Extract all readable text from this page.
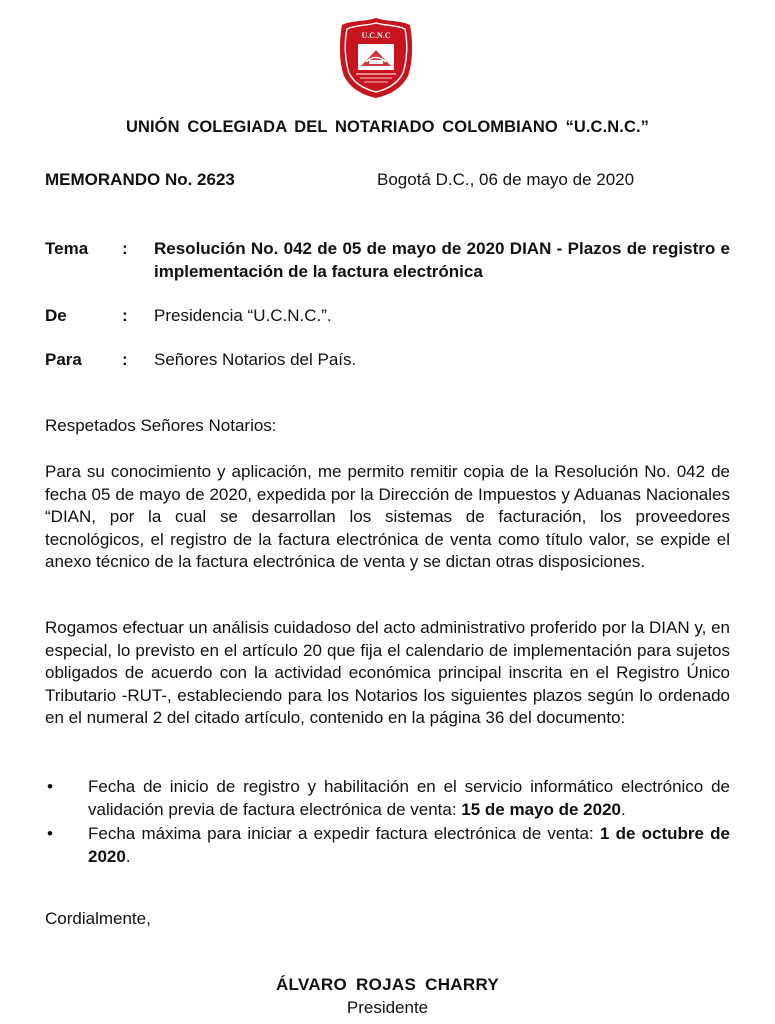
U.C.N.C
UNIÓN COLEGIADA DEL NOTARIADO COLOMBIANO “U.C.N.C.”
MEMORANDO No. 2623	Bogotá D.C., 06 de mayo de 2020
Tema : Resolución No. 042 de 05 de mayo de 2020 DIAN - Plazos de registro e implementación de la factura electrónica
De	: Presidencia “U.C.N.C.”.
Para : Señores Notarios del País.
Respetados Señores Notarios:

Para su conocimiento y aplicación, me permito remitir copia de la Resolución No. 042 de fecha 05 de mayo de 2020, expedida por la Dirección de Impuestos y Aduanas Nacionales “DIAN, por la cual se desarrollan los sistemas de facturación, los proveedores tecnológicos, el registro de la factura electrónica de venta como título valor, se expide el anexo técnico de la factura electrónica de venta y se dictan otras disposiciones.

Rogamos efectuar un análisis cuidadoso del acto administrativo proferido por la DIAN y, en especial, lo previsto en el artículo 20 que fija el calendario de implementación para sujetos obligados de acuerdo con la actividad económica principal inscrita en el Registro Único Tributario -RUT-, estableciendo para los Notarios los siguientes plazos según lo ordenado en el numeral 2 del citado artículo, contenido en la página 36 del documento:

• Fecha de inicio de registro y habilitación en el servicio informático electrónico de validación previa de factura electrónica de venta: 15 de mayo de 2020.
• Fecha máxima para iniciar a expedir factura electrónica de venta: 1 de octubre de 2020.
Cordialmente,
ÁLVARO ROJAS CHARRY
Presidente
